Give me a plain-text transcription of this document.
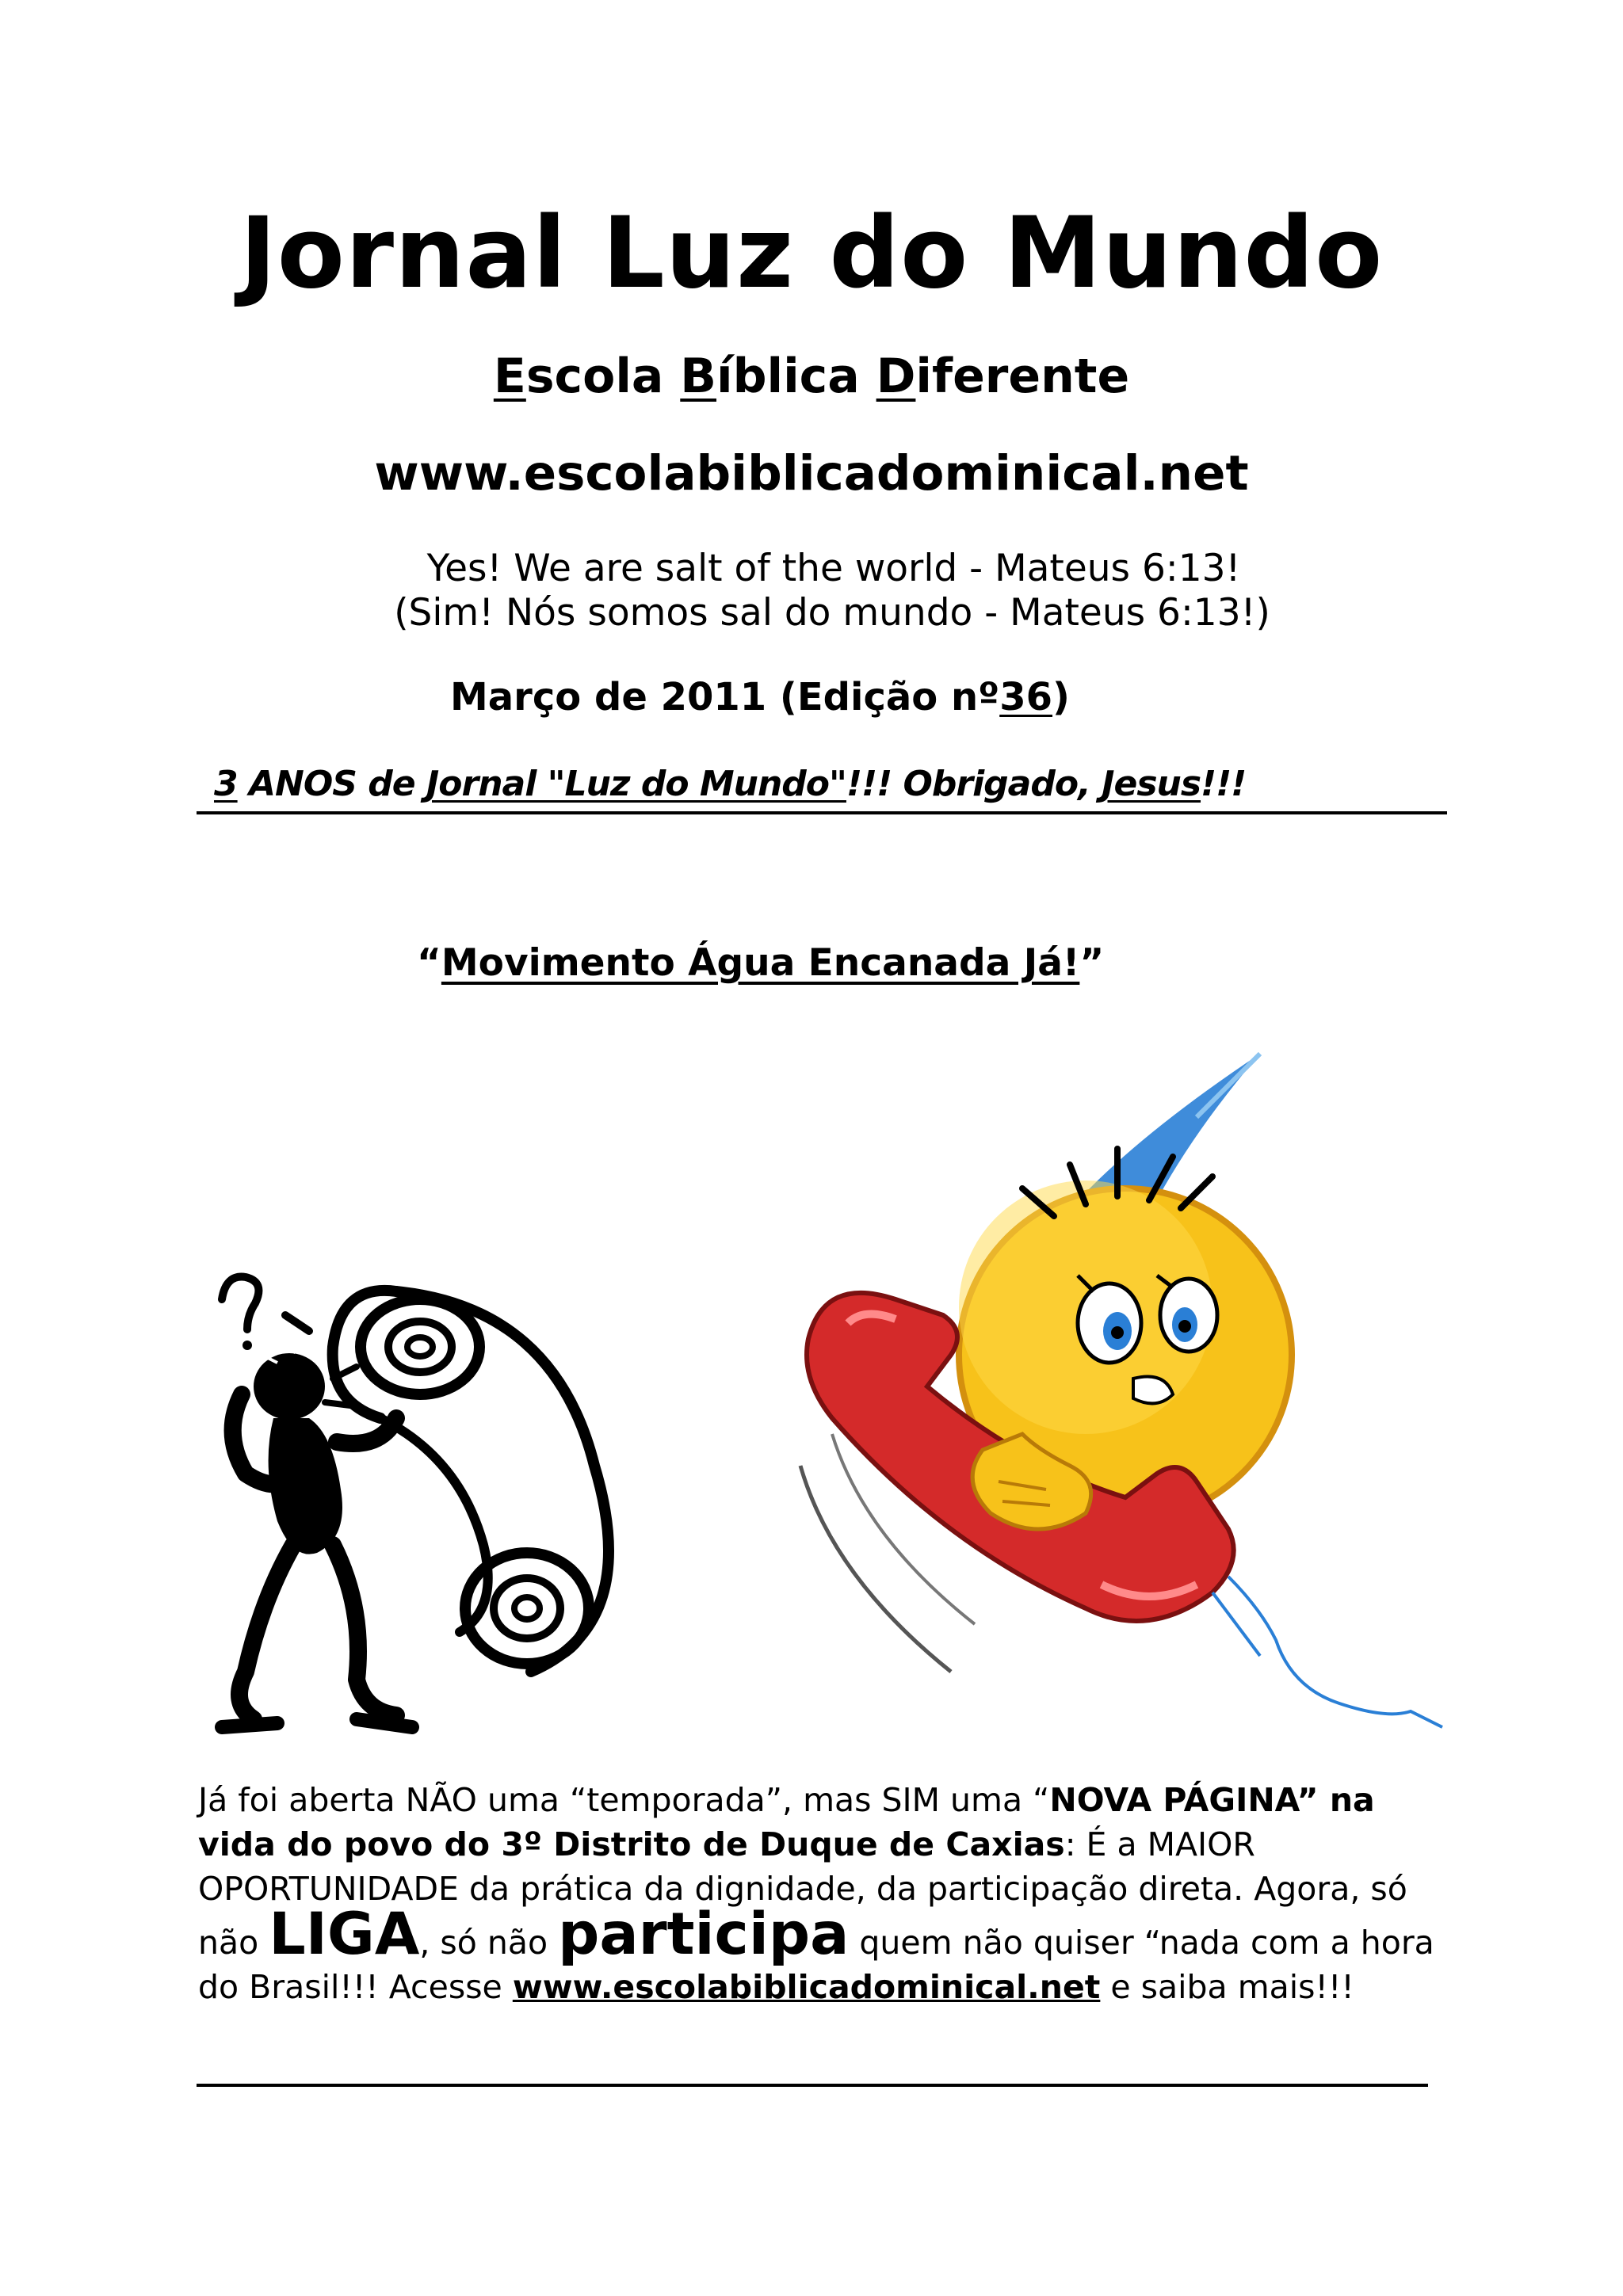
Jornal Luz do Mundo
Escola Bíblica Diferente
www.escolabiblicadominical.net
Yes! We are salt of the world - Mateus 6:13!
(Sim! Nós somos sal do mundo - Mateus 6:13!)
Março de 2011 (Edição nº36)
3 ANOS de Jornal "Luz do Mundo"!!! Obrigado, Jesus!!!
“Movimento Água Encanada Já!”
Já foi aberta NÃO uma “temporada”, mas SIM uma “NOVA PÁGINA” na vida do povo do 3º Distrito de Duque de Caxias: É a MAIOR OPORTUNIDADE da prática da dignidade, da participação direta. Agora, só não LIGA, só não participa quem não quiser “nada com a hora do Brasil!!! Acesse www.escolabiblicadominical.net e saiba mais!!!
